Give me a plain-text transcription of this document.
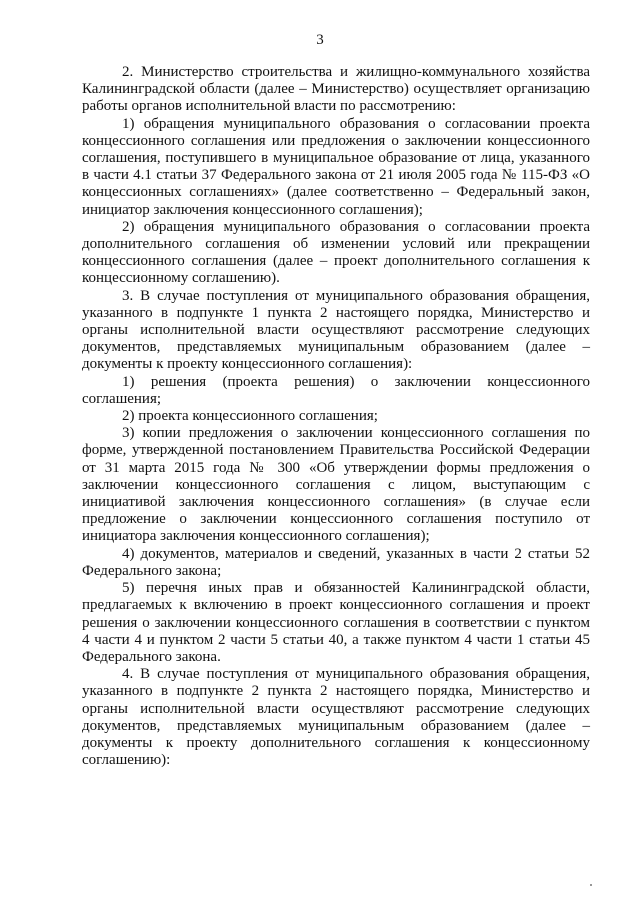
3

2. Министерство строительства и жилищно-коммунального хозяйства Калининградской области (далее – Министерство) осуществляет организацию работы органов исполнительной власти по рассмотрению:

1) обращения муниципального образования о согласовании проекта концессионного соглашения или предложения о заключении концессионного соглашения, поступившего в муниципальное образование от лица, указанного в части 4.1 статьи 37 Федерального закона от 21 июля 2005 года № 115-ФЗ «О концессионных соглашениях» (далее соответственно – Федеральный закон, инициатор заключения концессионного соглашения);

2) обращения муниципального образования о согласовании проекта дополнительного соглашения об изменении условий или прекращении концессионного соглашения (далее – проект дополнительного соглашения к концессионному соглашению).

3. В случае поступления от муниципального образования обращения, указанного в подпункте 1 пункта 2 настоящего порядка, Министерство и органы исполнительной власти осуществляют рассмотрение следующих документов, представляемых муниципальным образованием (далее – документы к проекту концессионного соглашения):

1) решения (проекта решения) о заключении концессионного соглашения;

2) проекта концессионного соглашения;

3) копии предложения о заключении концессионного соглашения по форме, утвержденной постановлением Правительства Российской Федерации от 31 марта 2015 года № 300 «Об утверждении формы предложения о заключении концессионного соглашения с лицом, выступающим с инициативой заключения концессионного соглашения» (в случае если предложение о заключении концессионного соглашения поступило от инициатора заключения концессионного соглашения);

4) документов, материалов и сведений, указанных в части 2 статьи 52 Федерального закона;

5) перечня иных прав и обязанностей Калининградской области, предлагаемых к включению в проект концессионного соглашения и проект решения о заключении концессионного соглашения в соответствии с пунктом 4 части 4 и пунктом 2 части 5 статьи 40, а также пунктом 4 части 1 статьи 45 Федерального закона.

4. В случае поступления от муниципального образования обращения, указанного в подпункте 2 пункта 2 настоящего порядка, Министерство и органы исполнительной власти осуществляют рассмотрение следующих документов, представляемых муниципальным образованием (далее – документы к проекту дополнительного соглашения к концессионному соглашению):
